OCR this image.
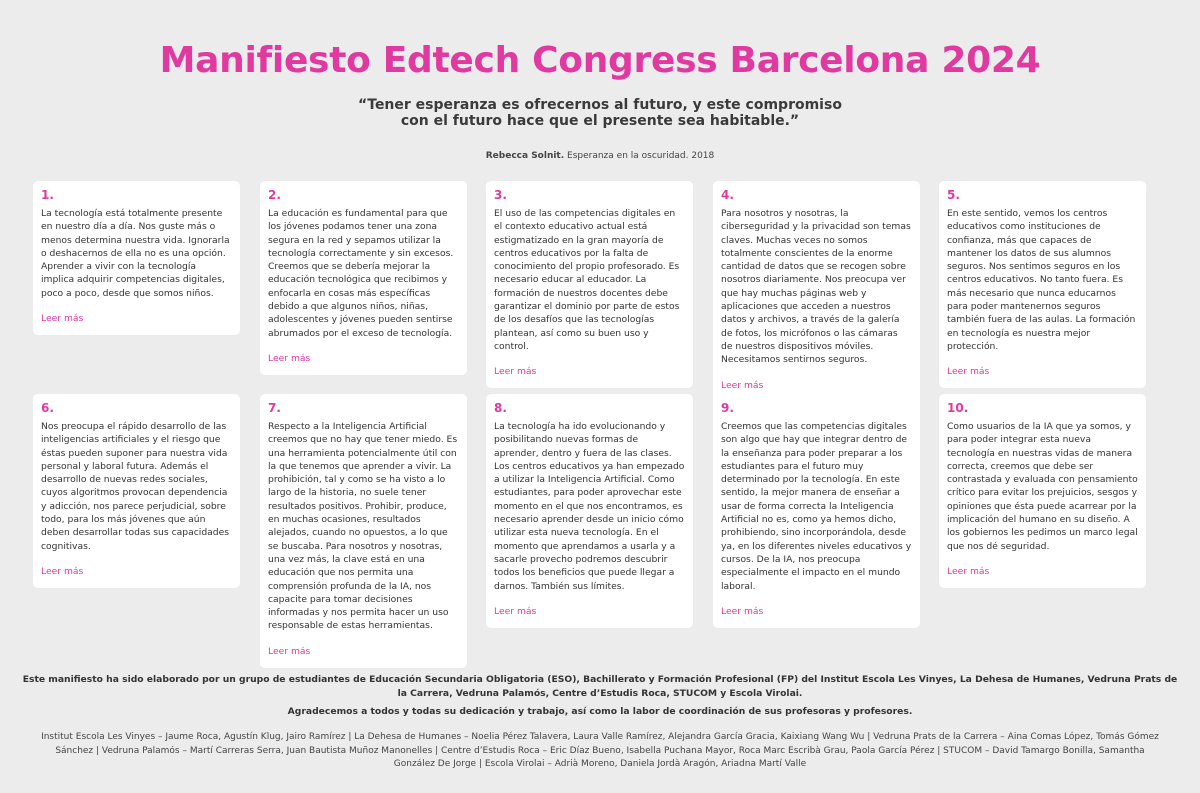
Manifiesto Edtech Congress Barcelona 2024
“Tener esperanza es ofrecernos al futuro, y este compromiso
con el futuro hace que el presente sea habitable.”
Rebecca Solnit. Esperanza en la oscuridad. 2018
1.
La tecnología está totalmente presente en nuestro día a día. Nos guste más o menos determina nuestra vida. Ignorarla o deshacernos de ella no es una opción. Aprender a vivir con la tecnología implica adquirir competencias digitales, poco a poco, desde que somos niños.
Leer más
2.
La educación es fundamental para que los jóvenes podamos tener una zona segura en la red y sepamos utilizar la tecnología correctamente y sin excesos. Creemos que se debería mejorar la educación tecnológica que recibimos y enfocarla en cosas más específicas debido a que algunos niños, niñas, adolescentes y jóvenes pueden sentirse abrumados por el exceso de tecnología.
Leer más
3.
El uso de las competencias digitales en el contexto educativo actual está estigmatizado en la gran mayoría de centros educativos por la falta de conocimiento del propio profesorado. Es necesario educar al educador. La formación de nuestros docentes debe garantizar el dominio por parte de estos de los desafíos que las tecnologías plantean, así como su buen uso y control.
Leer más
4.
Para nosotros y nosotras, la ciberseguridad y la privacidad son temas claves. Muchas veces no somos totalmente conscientes de la enorme cantidad de datos que se recogen sobre nosotros diariamente. Nos preocupa ver que hay muchas páginas web y aplicaciones que acceden a nuestros datos y archivos, a través de la galería de fotos, los micrófonos o las cámaras de nuestros dispositivos móviles. Necesitamos sentirnos seguros.
Leer más
5.
En este sentido, vemos los centros educativos como instituciones de confianza, más que capaces de mantener los datos de sus alumnos seguros. Nos sentimos seguros en los centros educativos. No tanto fuera. Es más necesario que nunca educarnos para poder mantenernos seguros también fuera de las aulas. La formación en tecnología es nuestra mejor protección.
Leer más
6.
Nos preocupa el rápido desarrollo de las inteligencias artificiales y el riesgo que éstas pueden suponer para nuestra vida personal y laboral futura. Además el desarrollo de nuevas redes sociales, cuyos algoritmos provocan dependencia y adicción, nos parece perjudicial, sobre todo, para los más jóvenes que aún deben desarrollar todas sus capacidades cognitivas.
Leer más
7.
Respecto a la Inteligencia Artificial creemos que no hay que tener miedo. Es una herramienta potencialmente útil con la que tenemos que aprender a vivir. La prohibición, tal y como se ha visto a lo largo de la historia, no suele tener resultados positivos. Prohibir, produce, en muchas ocasiones, resultados alejados, cuando no opuestos, a lo que se buscaba. Para nosotros y nosotras, una vez más, la clave está en una educación que nos permita una comprensión profunda de la IA, nos capacite para tomar decisiones informadas y nos permita hacer un uso responsable de estas herramientas.
Leer más
8.
La tecnología ha ido evolucionando y posibilitando nuevas formas de aprender, dentro y fuera de las clases. Los centros educativos ya han empezado a utilizar la Inteligencia Artificial. Como estudiantes, para poder aprovechar este momento en el que nos encontramos, es necesario aprender desde un inicio cómo utilizar esta nueva tecnología. En el momento que aprendamos a usarla y a sacarle provecho podremos descubrir todos los beneficios que puede llegar a darnos. También sus límites.
Leer más
9.
Creemos que las competencias digitales son algo que hay que integrar dentro de la enseñanza para poder preparar a los estudiantes para el futuro muy determinado por la tecnología. En este sentido, la mejor manera de enseñar a usar de forma correcta la Inteligencia Artificial no es, como ya hemos dicho, prohibiendo, sino incorporándola, desde ya, en los diferentes niveles educativos y cursos. De la IA, nos preocupa especialmente el impacto en el mundo laboral.
Leer más
10.
Como usuarios de la IA que ya somos, y para poder integrar esta nueva tecnología en nuestras vidas de manera correcta, creemos que debe ser contrastada y evaluada con pensamiento crítico para evitar los prejuicios, sesgos y opiniones que ésta puede acarrear por la implicación del humano en su diseño. A los gobiernos les pedimos un marco legal que nos dé seguridad.
Leer más
Este manifiesto ha sido elaborado por un grupo de estudiantes de Educación Secundaria Obligatoria (ESO), Bachillerato y Formación Profesional (FP) del Institut Escola Les Vinyes, La Dehesa de Humanes, Vedruna Prats de la Carrera, Vedruna Palamós, Centre d’Estudis Roca, STUCOM y Escola Virolai.
Agradecemos a todos y todas su dedicación y trabajo, así como la labor de coordinación de sus profesoras y profesores.
Institut Escola Les Vinyes – Jaume Roca, Agustín Klug, Jairo Ramírez | La Dehesa de Humanes – Noelia Pérez Talavera, Laura Valle Ramírez, Alejandra García Gracia, Kaixiang Wang Wu | Vedruna Prats de la Carrera – Aina Comas López, Tomás Gómez Sánchez | Vedruna Palamós – Martí Carreras Serra, Juan Bautista Muñoz Manonelles | Centre d’Estudis Roca – Eric Díaz Bueno, Isabella Puchana Mayor, Roca Marc Escribà Grau, Paola García Pérez | STUCOM – David Tamargo Bonilla, Samantha González De Jorge | Escola Virolai – Adrià Moreno, Daniela Jordà Aragón, Ariadna Martí Valle
